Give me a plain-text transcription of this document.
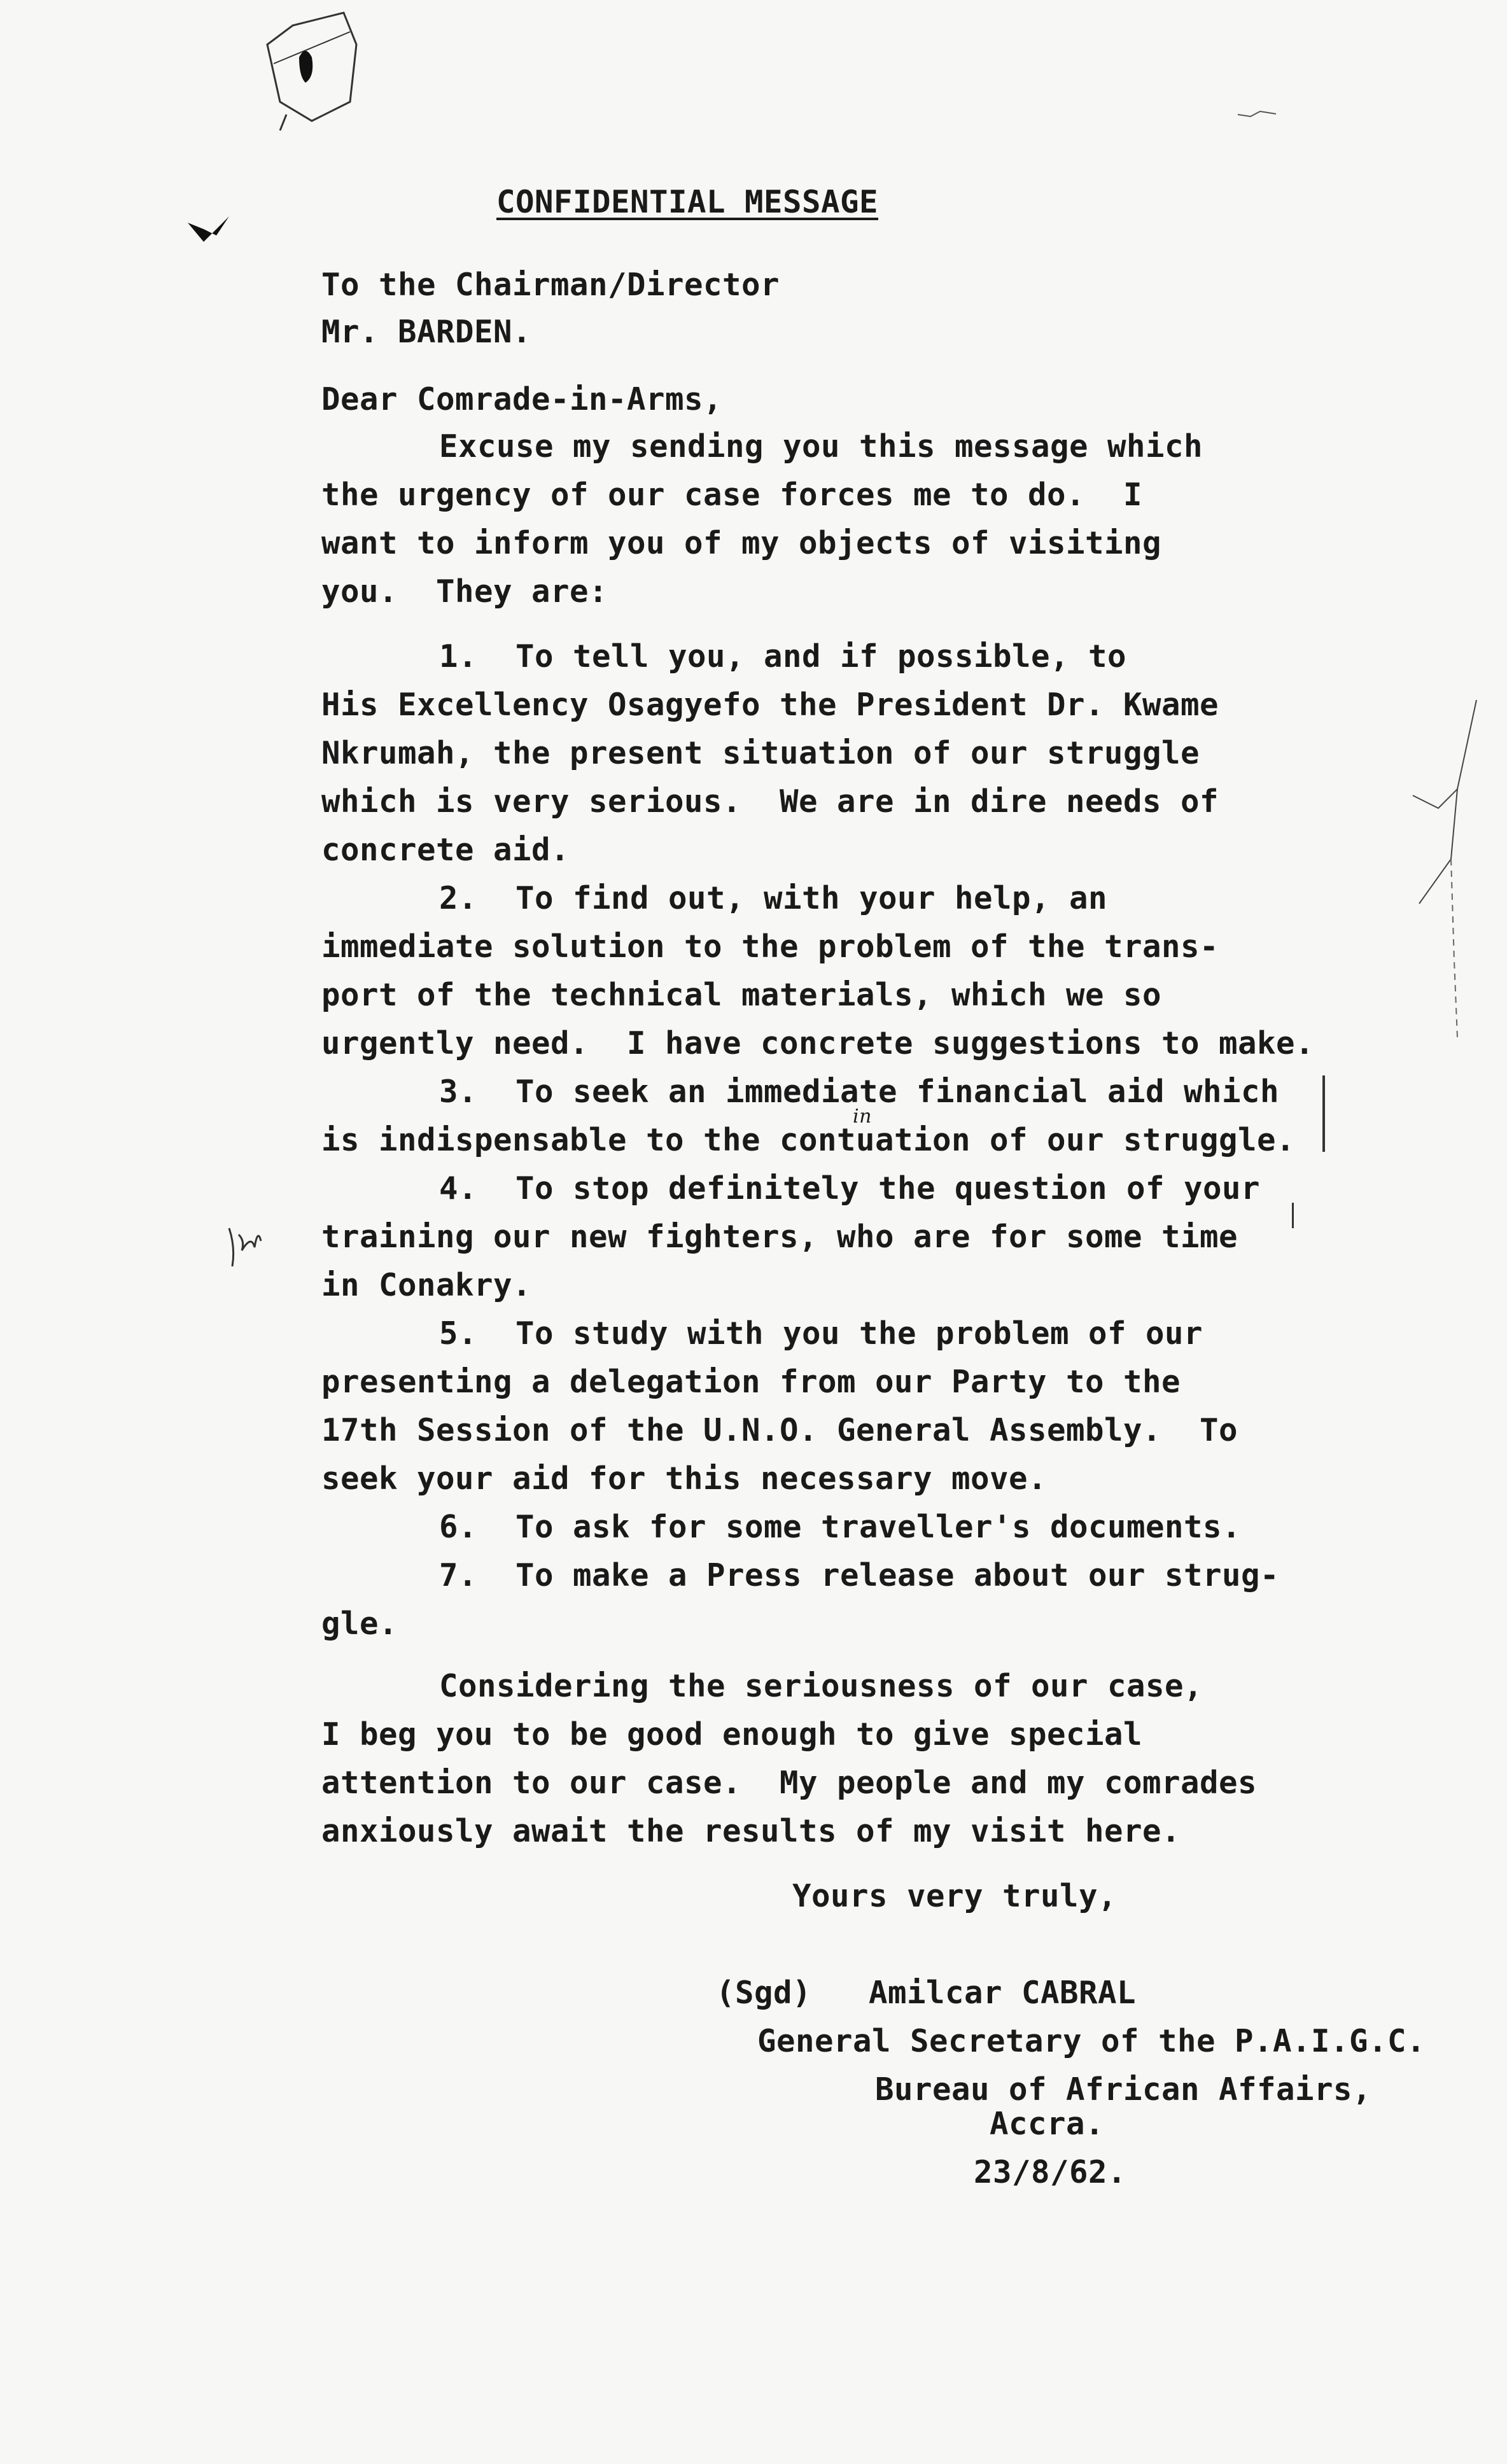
CONFIDENTIAL MESSAGE
To the Chairman/Director
Mr. BARDEN.
Dear Comrade-in-Arms,
Excuse my sending you this message which
the urgency of our case forces me to do.  I
want to inform you of my objects of visiting
you.  They are:
1.  To tell you, and if possible, to
His Excellency Osagyefo the President Dr. Kwame
Nkrumah, the present situation of our struggle
which is very serious.  We are in dire needs of
concrete aid.
2.  To find out, with your help, an
immediate solution to the problem of the trans-
port of the technical materials, which we so
urgently need.  I have concrete suggestions to make.
3.  To seek an immediate financial aid which
is indispensable to the contuation of our struggle.
in
4.  To stop definitely the question of your
training our new fighters, who are for some time
in Conakry.
5.  To study with you the problem of our
presenting a delegation from our Party to the
17th Session of the U.N.O. General Assembly.  To
seek your aid for this necessary move.
6.  To ask for some traveller's documents.
7.  To make a Press release about our strug-
gle.
Considering the seriousness of our case,
I beg you to be good enough to give special
attention to our case.  My people and my comrades
anxiously await the results of my visit here.
Yours very truly,
(Sgd)   Amilcar CABRAL
General Secretary of the P.A.I.G.C.
Bureau of African Affairs,
Accra.
23/8/62.
